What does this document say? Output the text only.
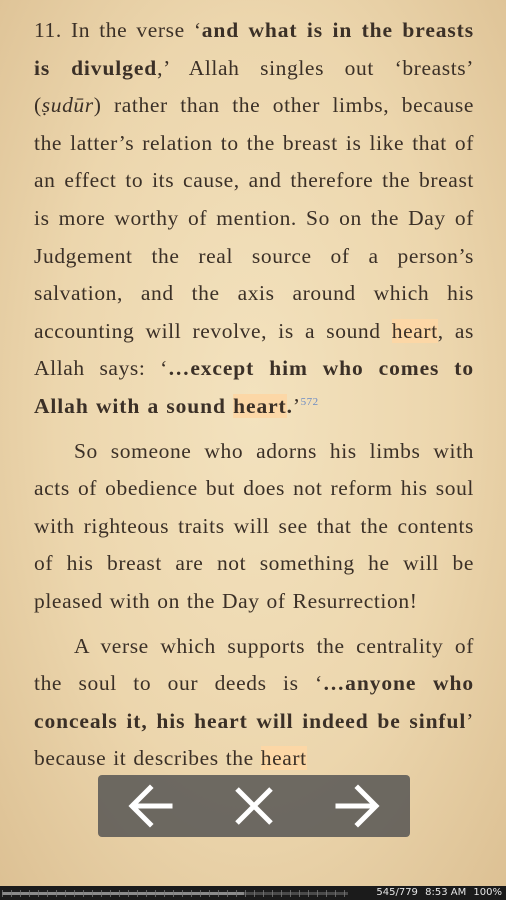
11. In the verse ‘and what is in the breasts is divulged,’ Allah singles out ‘breasts’ (ṣudūr) rather than the other limbs, because the latter’s relation to the breast is like that of an effect to its cause, and therefore the breast is more worthy of mention. So on the Day of Judgement the real source of a person’s salvation, and the axis around which his accounting will revolve, is a sound heart, as Allah says: ‘…except him who comes to Allah with a sound heart.’$^{572}$

So someone who adorns his limbs with acts of obedience but does not reform his soul with righteous traits will see that the contents of his breast are not something he will be pleased with on the Day of Resurrection!

A verse which supports the centrality of the soul to our deeds is ‘…anyone who conceals it, his heart will indeed be sinful’ because it describes the heart

545/779 8:53 AM 100%
